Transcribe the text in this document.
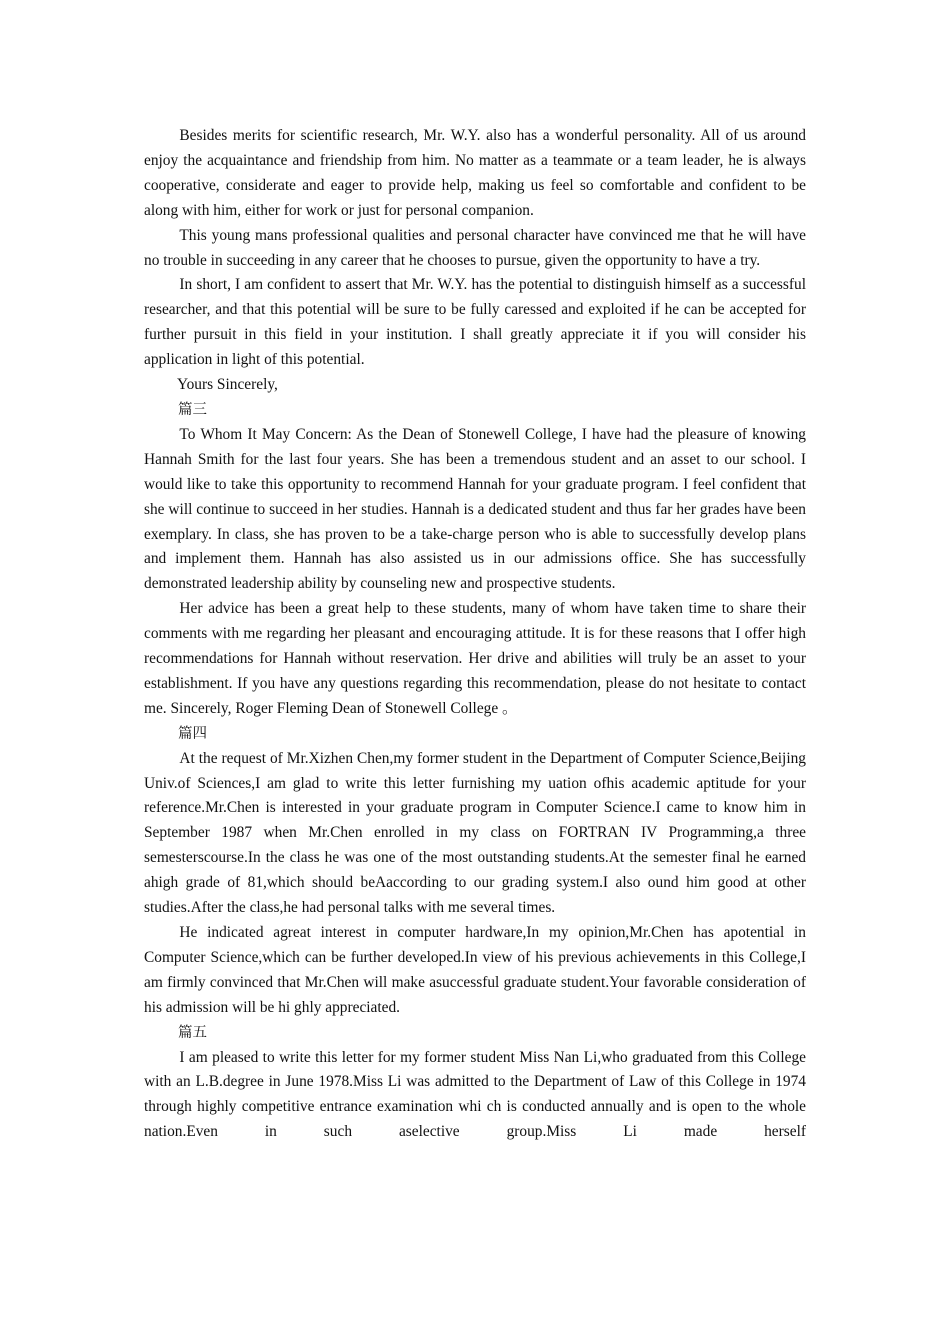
Besides merits for scientific research, Mr. W.Y. also has a wonderful personality. All of us around enjoy the acquaintance and friendship from him. No matter as a teammate or a team leader, he is always cooperative, considerate and eager to provide help, making us feel so comfortable and confident to be along with him, either for work or just for personal companion.

This young mans professional qualities and personal character have convinced me that he will have no trouble in succeeding in any career that he chooses to pursue, given the opportunity to have a try.

In short, I am confident to assert that Mr. W.Y. has the potential to distinguish himself as a successful researcher, and that this potential will be sure to be fully caressed and exploited if he can be accepted for further pursuit in this field in your institution. I shall greatly appreciate it if you will consider his application in light of this potential.

Yours Sincerely,

篇三

To Whom It May Concern: As the Dean of Stonewell College, I have had the pleasure of knowing Hannah Smith for the last four years. She has been a tremendous student and an asset to our school. I would like to take this opportunity to recommend Hannah for your graduate program. I feel confident that she will continue to succeed in her studies. Hannah is a dedicated student and thus far her grades have been exemplary. In class, she has proven to be a take-charge person who is able to successfully develop plans and implement them. Hannah has also assisted us in our admissions office. She has successfully demonstrated leadership ability by counseling new and prospective students.

Her advice has been a great help to these students, many of whom have taken time to share their comments with me regarding her pleasant and encouraging attitude. It is for these reasons that I offer high recommendations for Hannah without reservation. Her drive and abilities will truly be an asset to your establishment. If you have any questions regarding this recommendation, please do not hesitate to contact me. Sincerely, Roger Fleming Dean of Stonewell College 。

篇四

At the request of Mr.Xizhen Chen,my former student in the Department of Computer Science,Beijing Univ.of Sciences,I am glad to write this letter furnishing my uation ofhis academic aptitude for your reference.Mr.Chen is interested in your graduate program in Computer Science.I came to know him in September 1987 when Mr.Chen enrolled in my class on FORTRAN IV Programming,a three semesterscourse.In the class he was one of the most outstanding students.At the semester final he earned ahigh grade of 81,which should beAaccording to our grading system.I also ound him good at other studies.After the class,he had personal talks with me several times.

He indicated agreat interest in computer hardware,In my opinion,Mr.Chen has apotential in Computer Science,which can be further developed.In view of his previous achievements in this College,I am firmly convinced that Mr.Chen will make asuccessful graduate student.Your favorable consideration of his admission will be hi ghly appreciated.

篇五

I am pleased to write this letter for my former student Miss Nan Li,who graduated from this College with an L.B.degree in June 1978.Miss Li was admitted to the Department of Law of this College in 1974 through highly competitive entrance examination whi ch is conducted annually and is open to the whole nation.Even in such aselective group.Miss Li made herself
